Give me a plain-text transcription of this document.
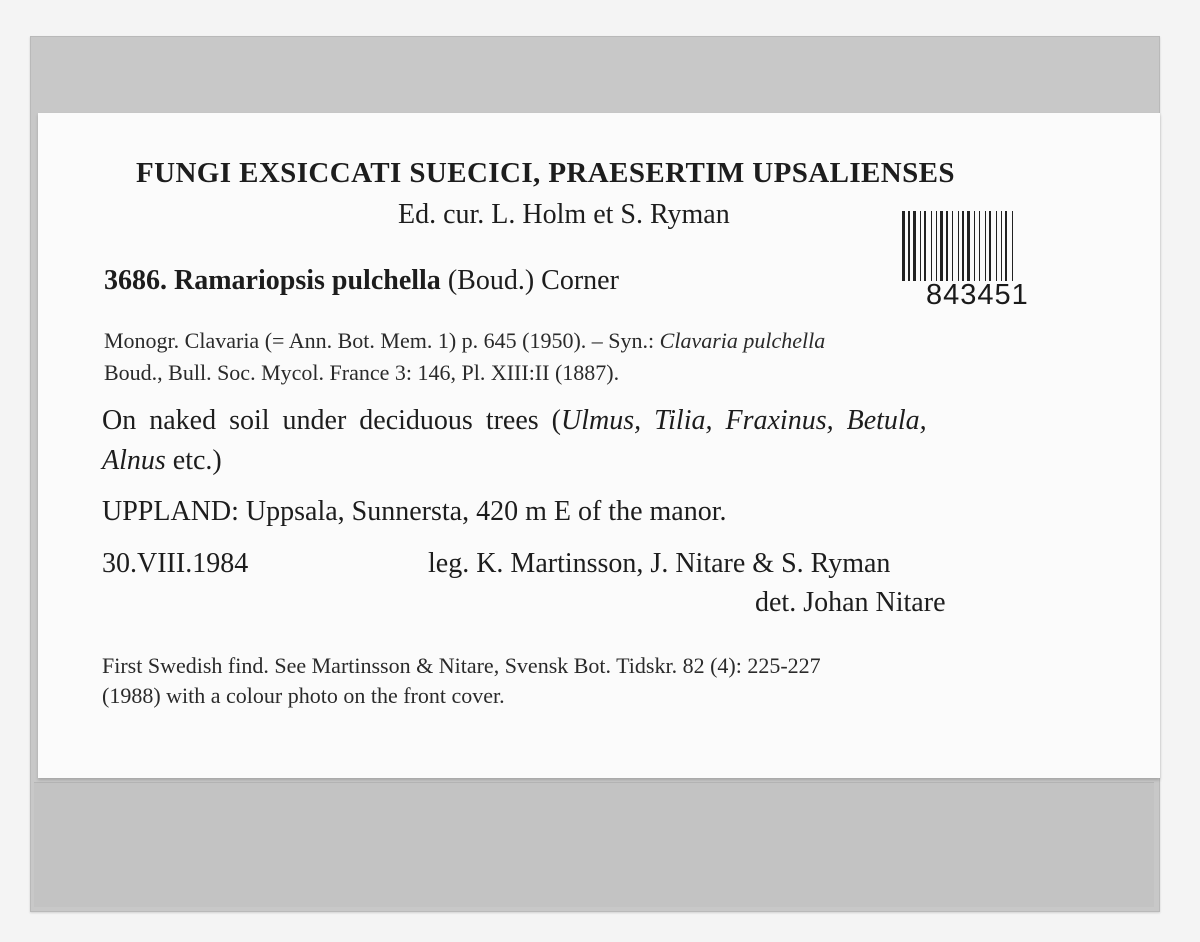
FUNGI EXSICCATI SUECICI, PRAESERTIM UPSALIENSES
Ed. cur. L. Holm et S. Ryman
3686. Ramariopsis pulchella (Boud.) Corner	843451
Monogr. Clavaria (= Ann. Bot. Mem. 1) p. 645 (1950). – Syn.: Clavaria pulchella
Boud., Bull. Soc. Mycol. France 3: 146, Pl. XIII:II (1887).
On naked soil under deciduous trees (Ulmus, Tilia, Fraxinus, Betula,
Alnus etc.)
UPPLAND: Uppsala, Sunnersta, 420 m E of the manor.
30.VIII.1984	leg. K. Martinsson, J. Nitare & S. Ryman
det. Johan Nitare
First Swedish find. See Martinsson & Nitare, Svensk Bot. Tidskr. 82 (4): 225-227
(1988) with a colour photo on the front cover.
